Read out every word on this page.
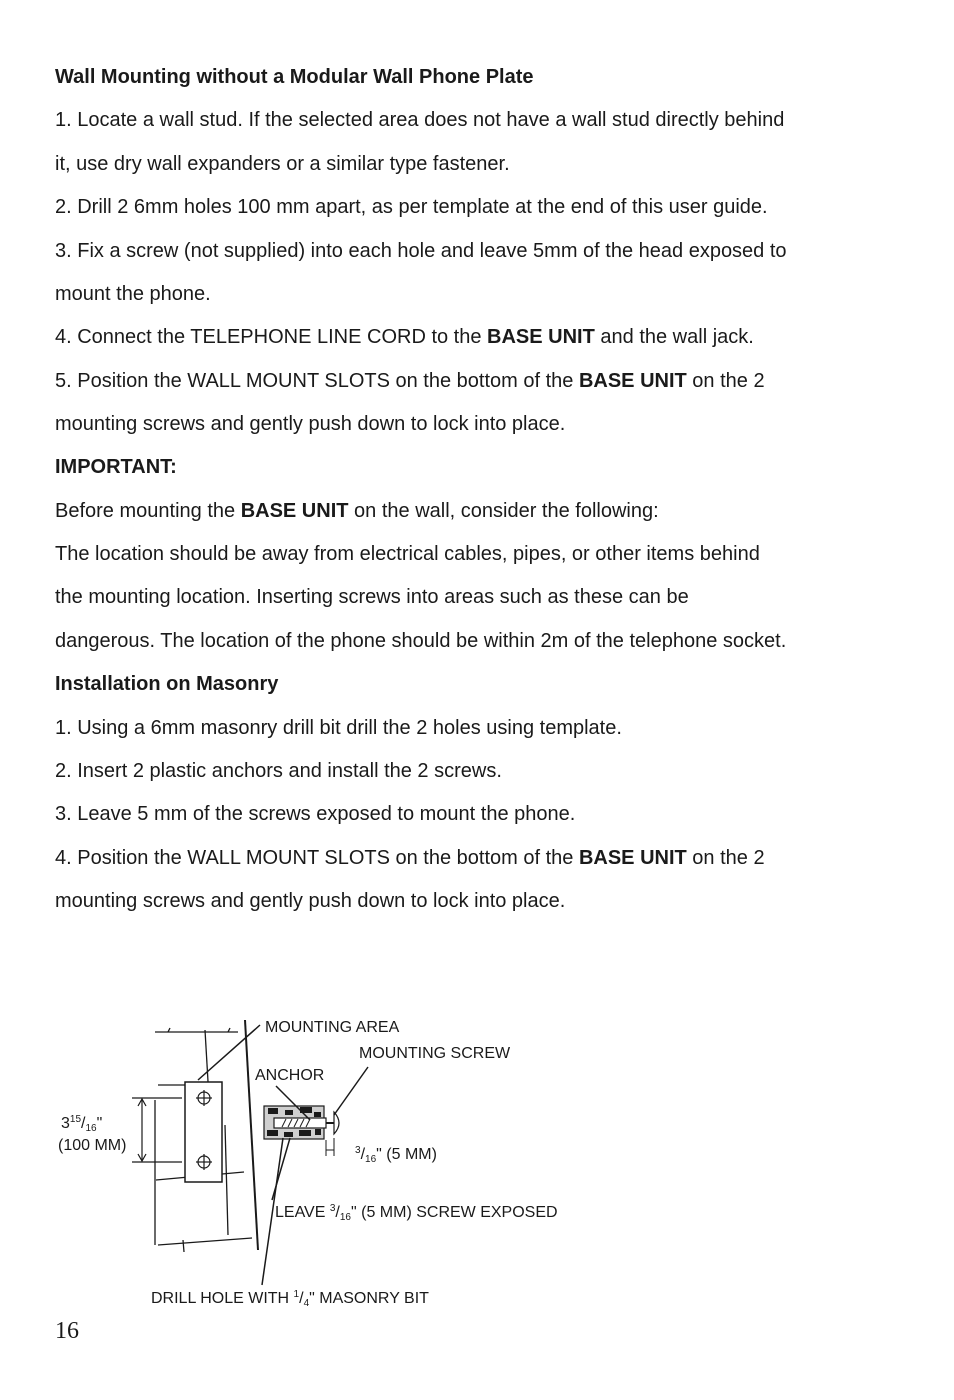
Wall Mounting without a Modular Wall Phone Plate
1. Locate a wall stud. If the selected area does not have a wall stud directly behind
it, use dry wall expanders or a similar type fastener.
2. Drill 2 6mm holes 100 mm apart, as per template at the end of this user guide.
3. Fix a screw (not supplied) into each hole and leave 5mm of the head exposed to
mount the phone.
4. Connect the TELEPHONE LINE CORD to the BASE UNIT and the wall jack.
5. Position the WALL MOUNT SLOTS on the bottom of the BASE UNIT on the 2
mounting screws and gently push down to lock into place.
IMPORTANT:
Before mounting the BASE UNIT on the wall, consider the following:
The location should be away from electrical cables, pipes, or other items behind
the mounting location. Inserting screws into areas such as these can be
dangerous. The location of the phone should be within 2m of the telephone socket.
Installation on Masonry
1. Using a 6mm masonry drill bit drill the 2 holes using template.
2. Insert 2 plastic anchors and install the 2 screws.
3. Leave 5 mm of the screws exposed to mount the phone.
4. Position the WALL MOUNT SLOTS on the bottom of the BASE UNIT on the 2
mounting screws and gently push down to lock into place.
MOUNTING AREA
MOUNTING SCREW
ANCHOR
$3^{15}/16$"
(100 MM)	$^3$/16" (5 MM)
LEAVE $^3$/16" (5 MM) SCREW EXPOSED
DRILL HOLE WITH $^1$/4" MASONRY BIT
16
